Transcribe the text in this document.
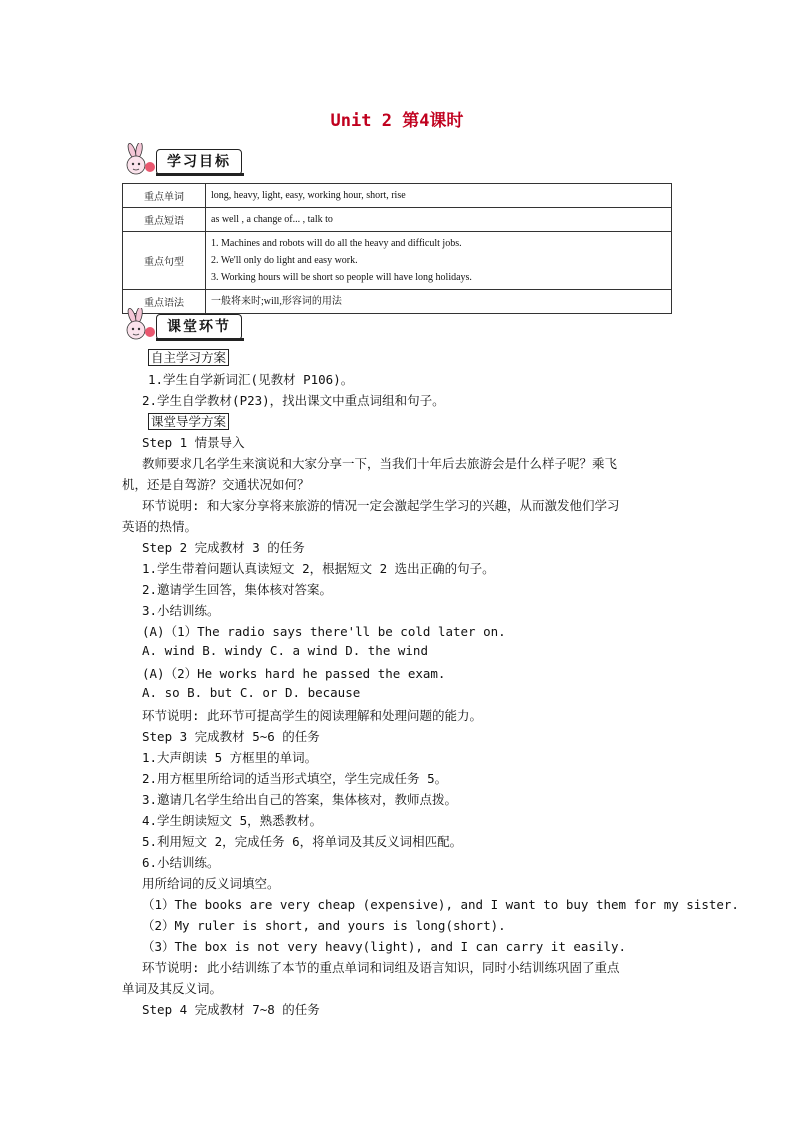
Unit 2 第4课时
学习目标
重点单词	long, heavy, light, easy, working hour, short, rise

重点短语	as well , a change of... , talk to

重点句型	1. Machines and robots will do all the heavy and difficult jobs.
2. We'll only do light and easy work.
3. Working hours will be short so people will have long holidays.

重点语法	一般将来时;will,形容词的用法
课堂环节
自主学习方案
1.学生自学新词汇(见教材 P106)。
2.学生自学教材(P23)，找出课文中重点词组和句子。
课堂导学方案
Step 1 情景导入
教师要求几名学生来演说和大家分享一下，当我们十年后去旅游会是什么样子呢？乘飞
机，还是自驾游？交通状况如何？
环节说明: 和大家分享将来旅游的情况一定会激起学生学习的兴趣，从而激发他们学习
英语的热情。
Step 2 完成教材 3 的任务
1.学生带着问题认真读短文 2，根据短文 2 选出正确的句子。
2.邀请学生回答，集体核对答案。
3.小结训练。
(A)（1）The radio says there'll be cold later on.
A. wind B. windy C. a wind D. the wind
(A)（2）He works hard he passed the exam.
A. so B. but C. or D. because
环节说明: 此环节可提高学生的阅读理解和处理问题的能力。
Step 3 完成教材 5~6 的任务
1.大声朗读 5 方框里的单词。
2.用方框里所给词的适当形式填空，学生完成任务 5。
3.邀请几名学生给出自己的答案，集体核对，教师点拨。
4.学生朗读短文 5，熟悉教材。
5.利用短文 2，完成任务 6，将单词及其反义词相匹配。
6.小结训练。
用所给词的反义词填空。
（1）The books are very cheap (expensive), and I want to buy them for my sister.
（2）My ruler is short, and yours is long(short).
（3）The box is not very heavy(light), and I can carry it easily.
环节说明: 此小结训练了本节的重点单词和词组及语言知识，同时小结训练巩固了重点
单词及其反义词。
Step 4 完成教材 7~8 的任务
